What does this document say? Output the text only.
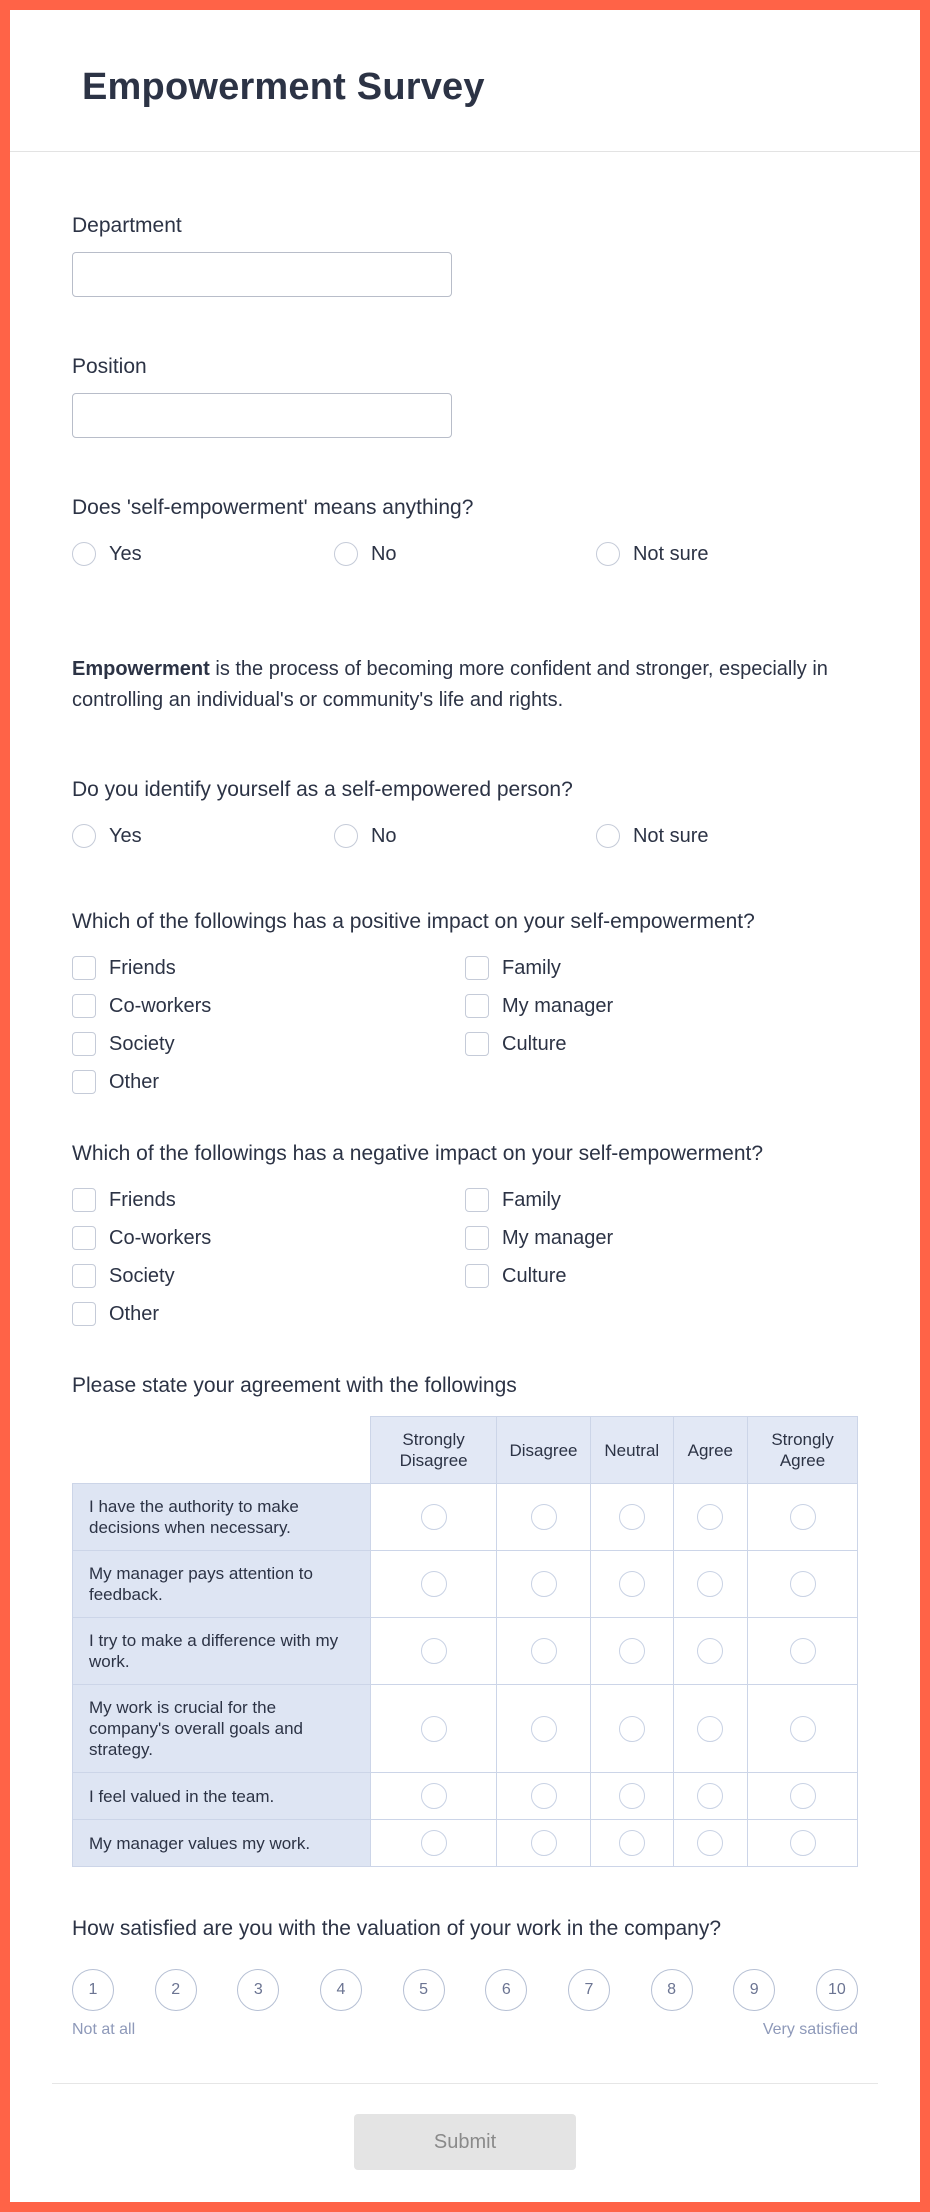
Empowerment Survey
Department
Position
Does 'self-empowerment' means anything?
Yes	No	Not sure

Empowerment is the process of becoming more confident and stronger, especially in controlling an individual's or community's life and rights.

Do you identify yourself as a self-empowered person?
Yes	No	Not sure
Which of the followings has a positive impact on your self-empowerment?
Friends	Family
Co-workers	My manager
Society	Culture
Other
Which of the followings has a negative impact on your self-empowerment?
Friends	Family
Co-workers	My manager
Society	Culture
Other
Please state your agreement with the followings
	Strongly Disagree	Disagree	Neutral	Agree	Strongly Agree
I have the authority to make decisions when necessary.					
My manager pays attention to feedback.					
I try to make a difference with my work.					
My work is crucial for the company's overall goals and strategy.					
I feel valued in the team.					
My manager values my work.					
How satisfied are you with the valuation of your work in the company?
1	2	3	4	5	6	7	8	9	10
Not at all	Very satisfied
Submit
